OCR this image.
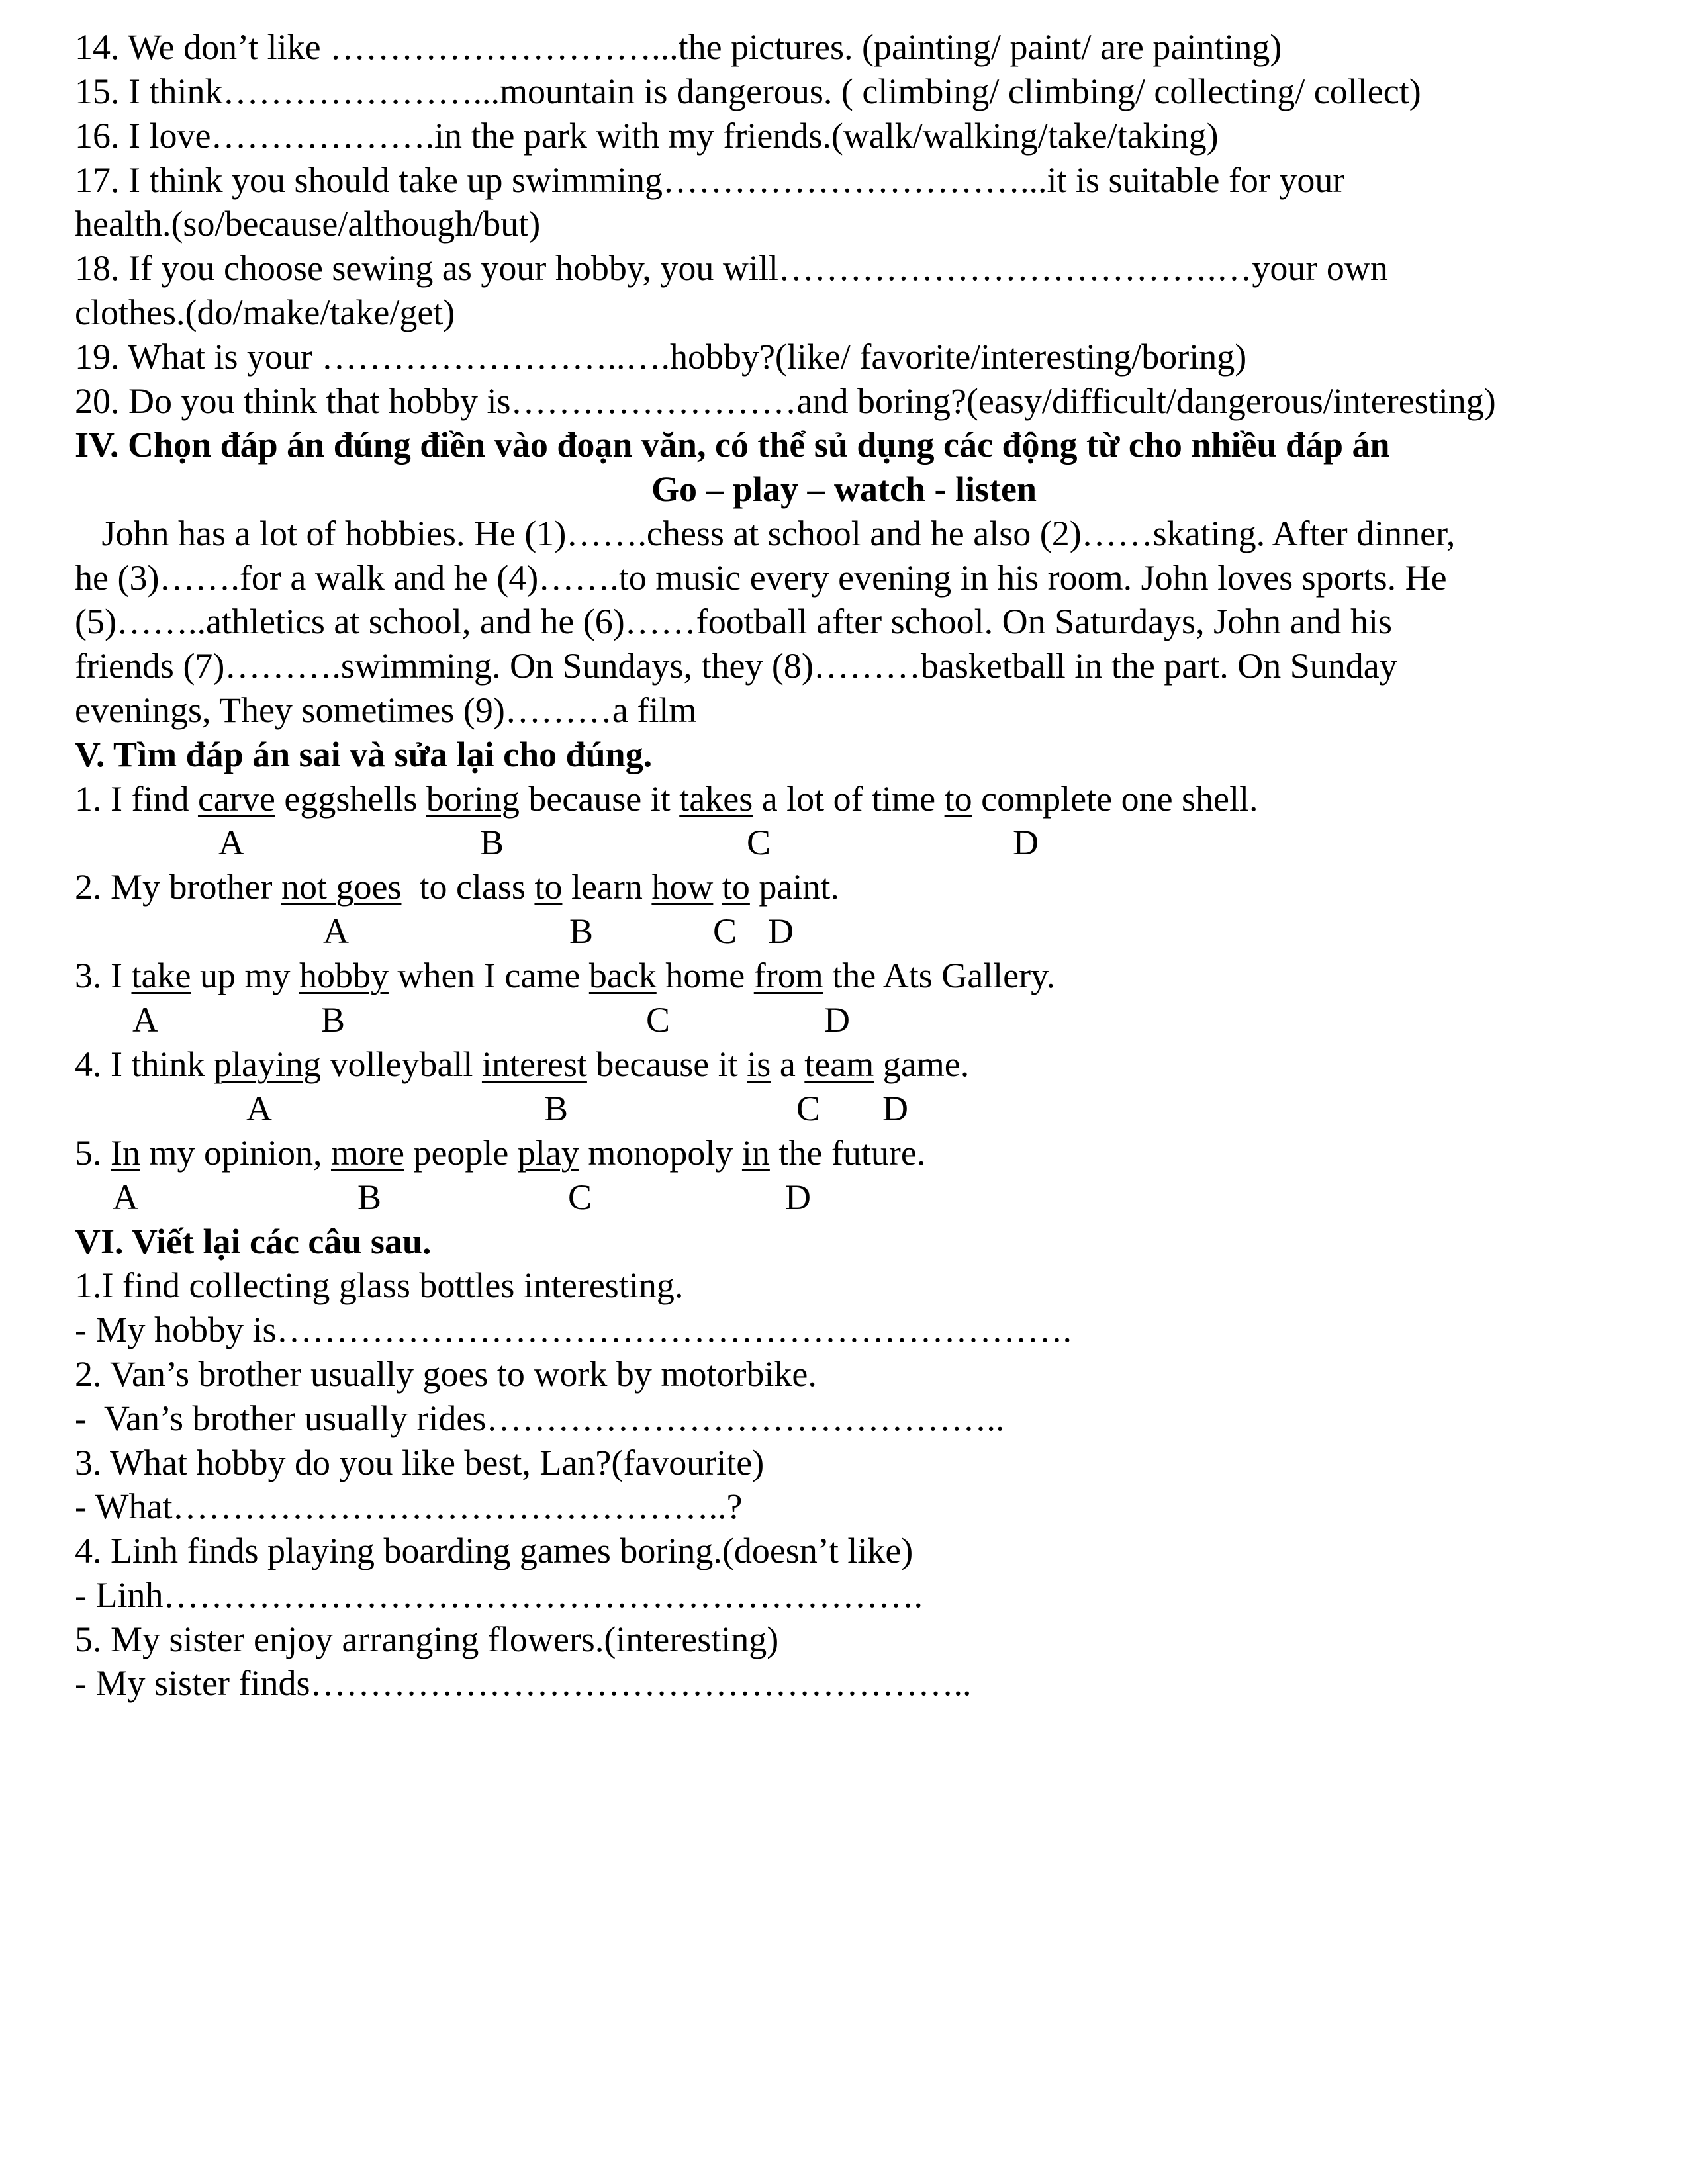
14. We don’t like ………………………...the pictures. (painting/ paint/ are painting)
15. I think…………………...mountain is dangerous. ( climbing/ climbing/ collecting/ collect)
16. I love……………….in the park with my friends.(walk/walking/take/taking)
17. I think you should take up swimming…………………………...it is suitable for your
health.(so/because/although/but)
18. If you choose sewing as your hobby, you will……………………………….…your own
clothes.(do/make/take/get)
19. What is your ……………………..….hobby?(like/ favorite/interesting/boring)
20. Do you think that hobby is……………………and boring?(easy/difficult/dangerous/interesting)
IV. Chọn đáp án đúng điền vào đoạn văn, có thể sủ dụng các động từ cho nhiều đáp án
Go – play – watch - listen
John has a lot of hobbies. He (1)…….chess at school and he also (2)……skating. After dinner,
he (3)…….for a walk and he (4)…….to music every evening in his room. John loves sports. He
(5)……..athletics at school, and he (6)……football after school. On Saturdays, John and his
friends (7)……….swimming. On Sundays, they (8)………basketball in the part. On Sunday
evenings, They sometimes (9)………a film
V. Tìm đáp án sai và sửa lại cho đúng.
1. I find carve eggshells boring because it takes a lot of time to complete one shell.
A	B	C	D
2. My brother not goes  to class to learn how to paint.
A	B	C D
3. I take up my hobby when I came back home from the Ats Gallery.
A	B	C	D
4. I think playing volleyball interest because it is a team game.
A	B	C D
5. In my opinion, more people play monopoly in the future.
A	B	C	D
VI. Viết lại các câu sau.
1.I find collecting glass bottles interesting.
- My hobby is………………………………………………………….
2. Van’s brother usually goes to work by motorbike.
-  Van’s brother usually rides……………………………………..
3. What hobby do you like best, Lan?(favourite)
- What………………………………………..?
4. Linh finds playing boarding games boring.(doesn’t like)
- Linh……………………………………………………….
5. My sister enjoy arranging flowers.(interesting)
- My sister finds………………………………………………..
